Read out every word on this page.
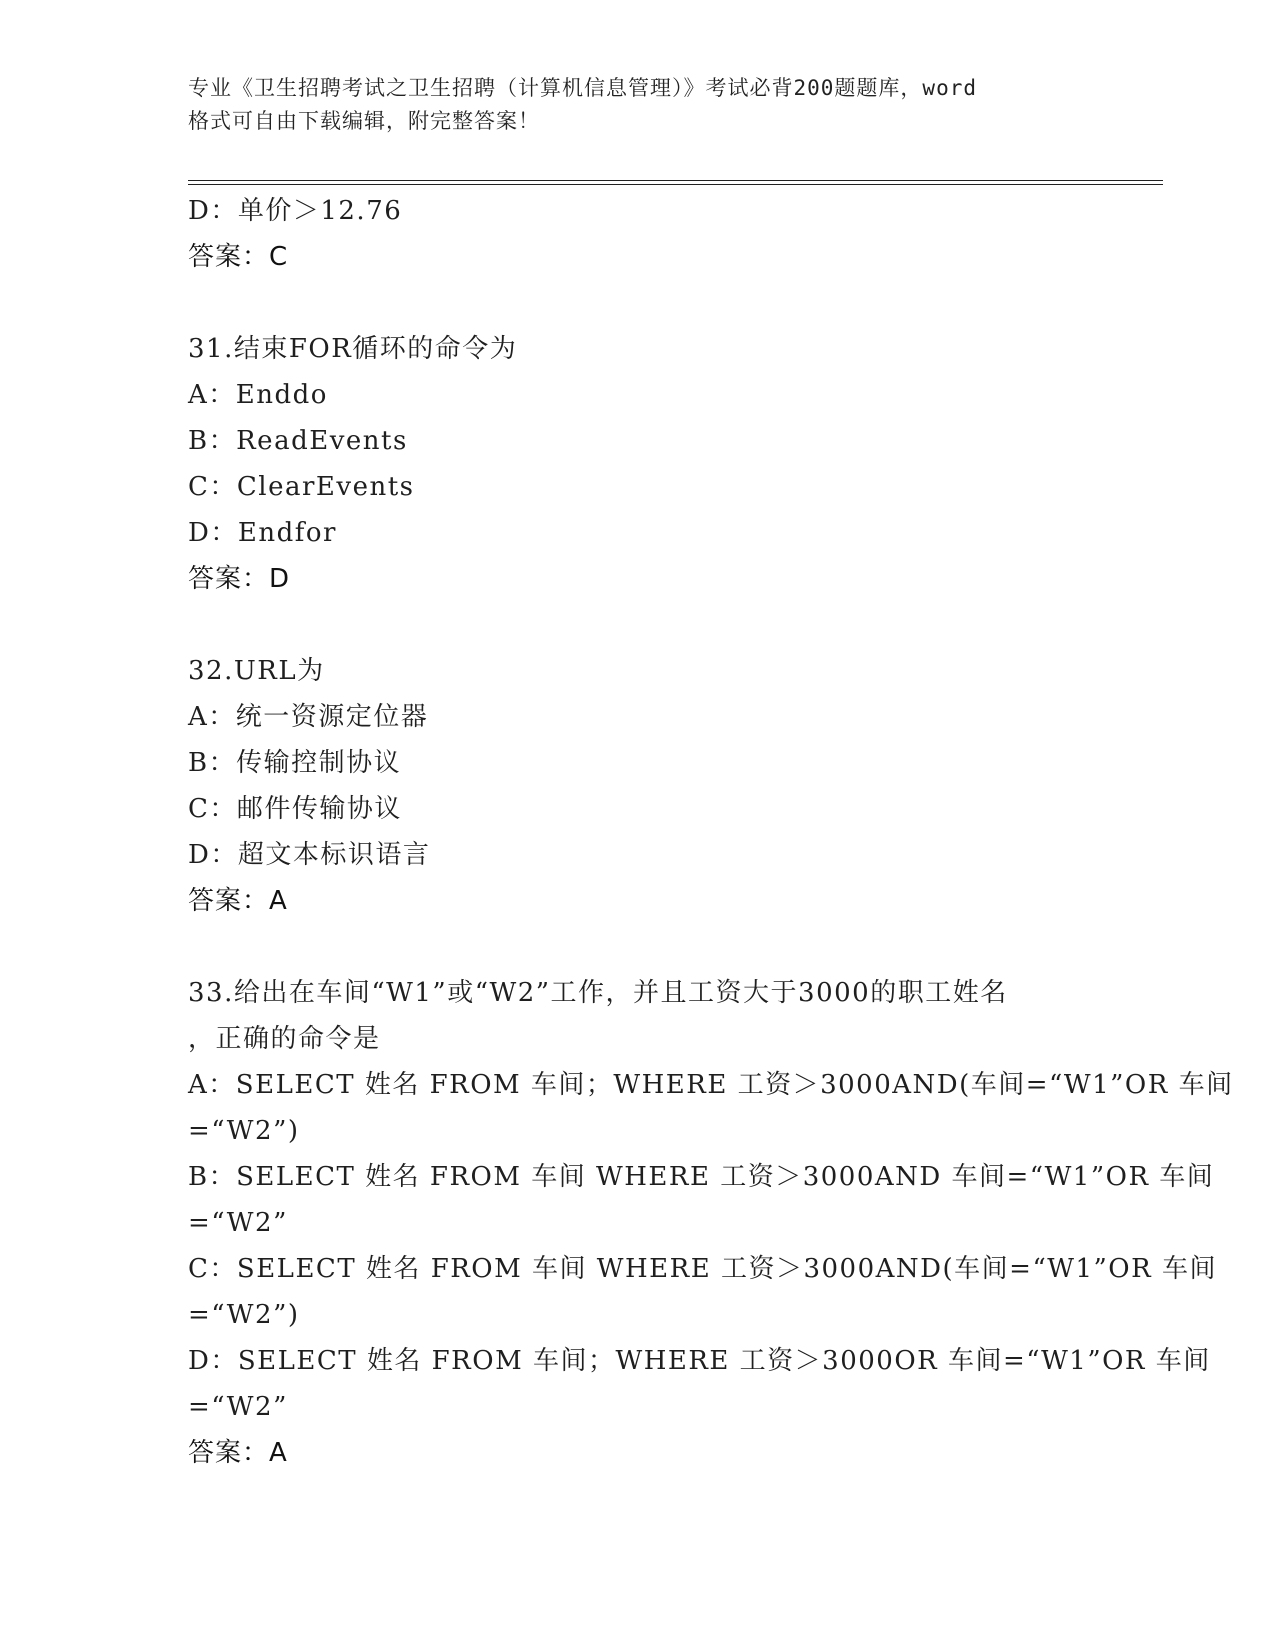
专业《卫生招聘考试之卫生招聘（计算机信息管理）》考试必背200题题库，word
格式可自由下载编辑，附完整答案！
D：单价＞12.76
答案：C
31.结束FOR循环的命令为
A：Enddo
B：ReadEvents
C：ClearEvents
D：Endfor
答案：D
32.URL为
A：统一资源定位器
B：传输控制协议
C：邮件传输协议
D：超文本标识语言
答案：A
33.给出在车间“W1”或“W2”工作，并且工资大于3000的职工姓名
，正确的命令是
A：SELECT 姓名 FROM 车间；WHERE 工资＞3000AND(车间=“W1”OR 车间
=“W2”)
B：SELECT 姓名 FROM 车间 WHERE 工资＞3000AND 车间=“W1”OR 车间
=“W2”
C：SELECT 姓名 FROM 车间 WHERE 工资＞3000AND(车间=“W1”OR 车间
=“W2”)
D：SELECT 姓名 FROM 车间；WHERE 工资＞3000OR 车间=“W1”OR 车间
=“W2”
答案：A
